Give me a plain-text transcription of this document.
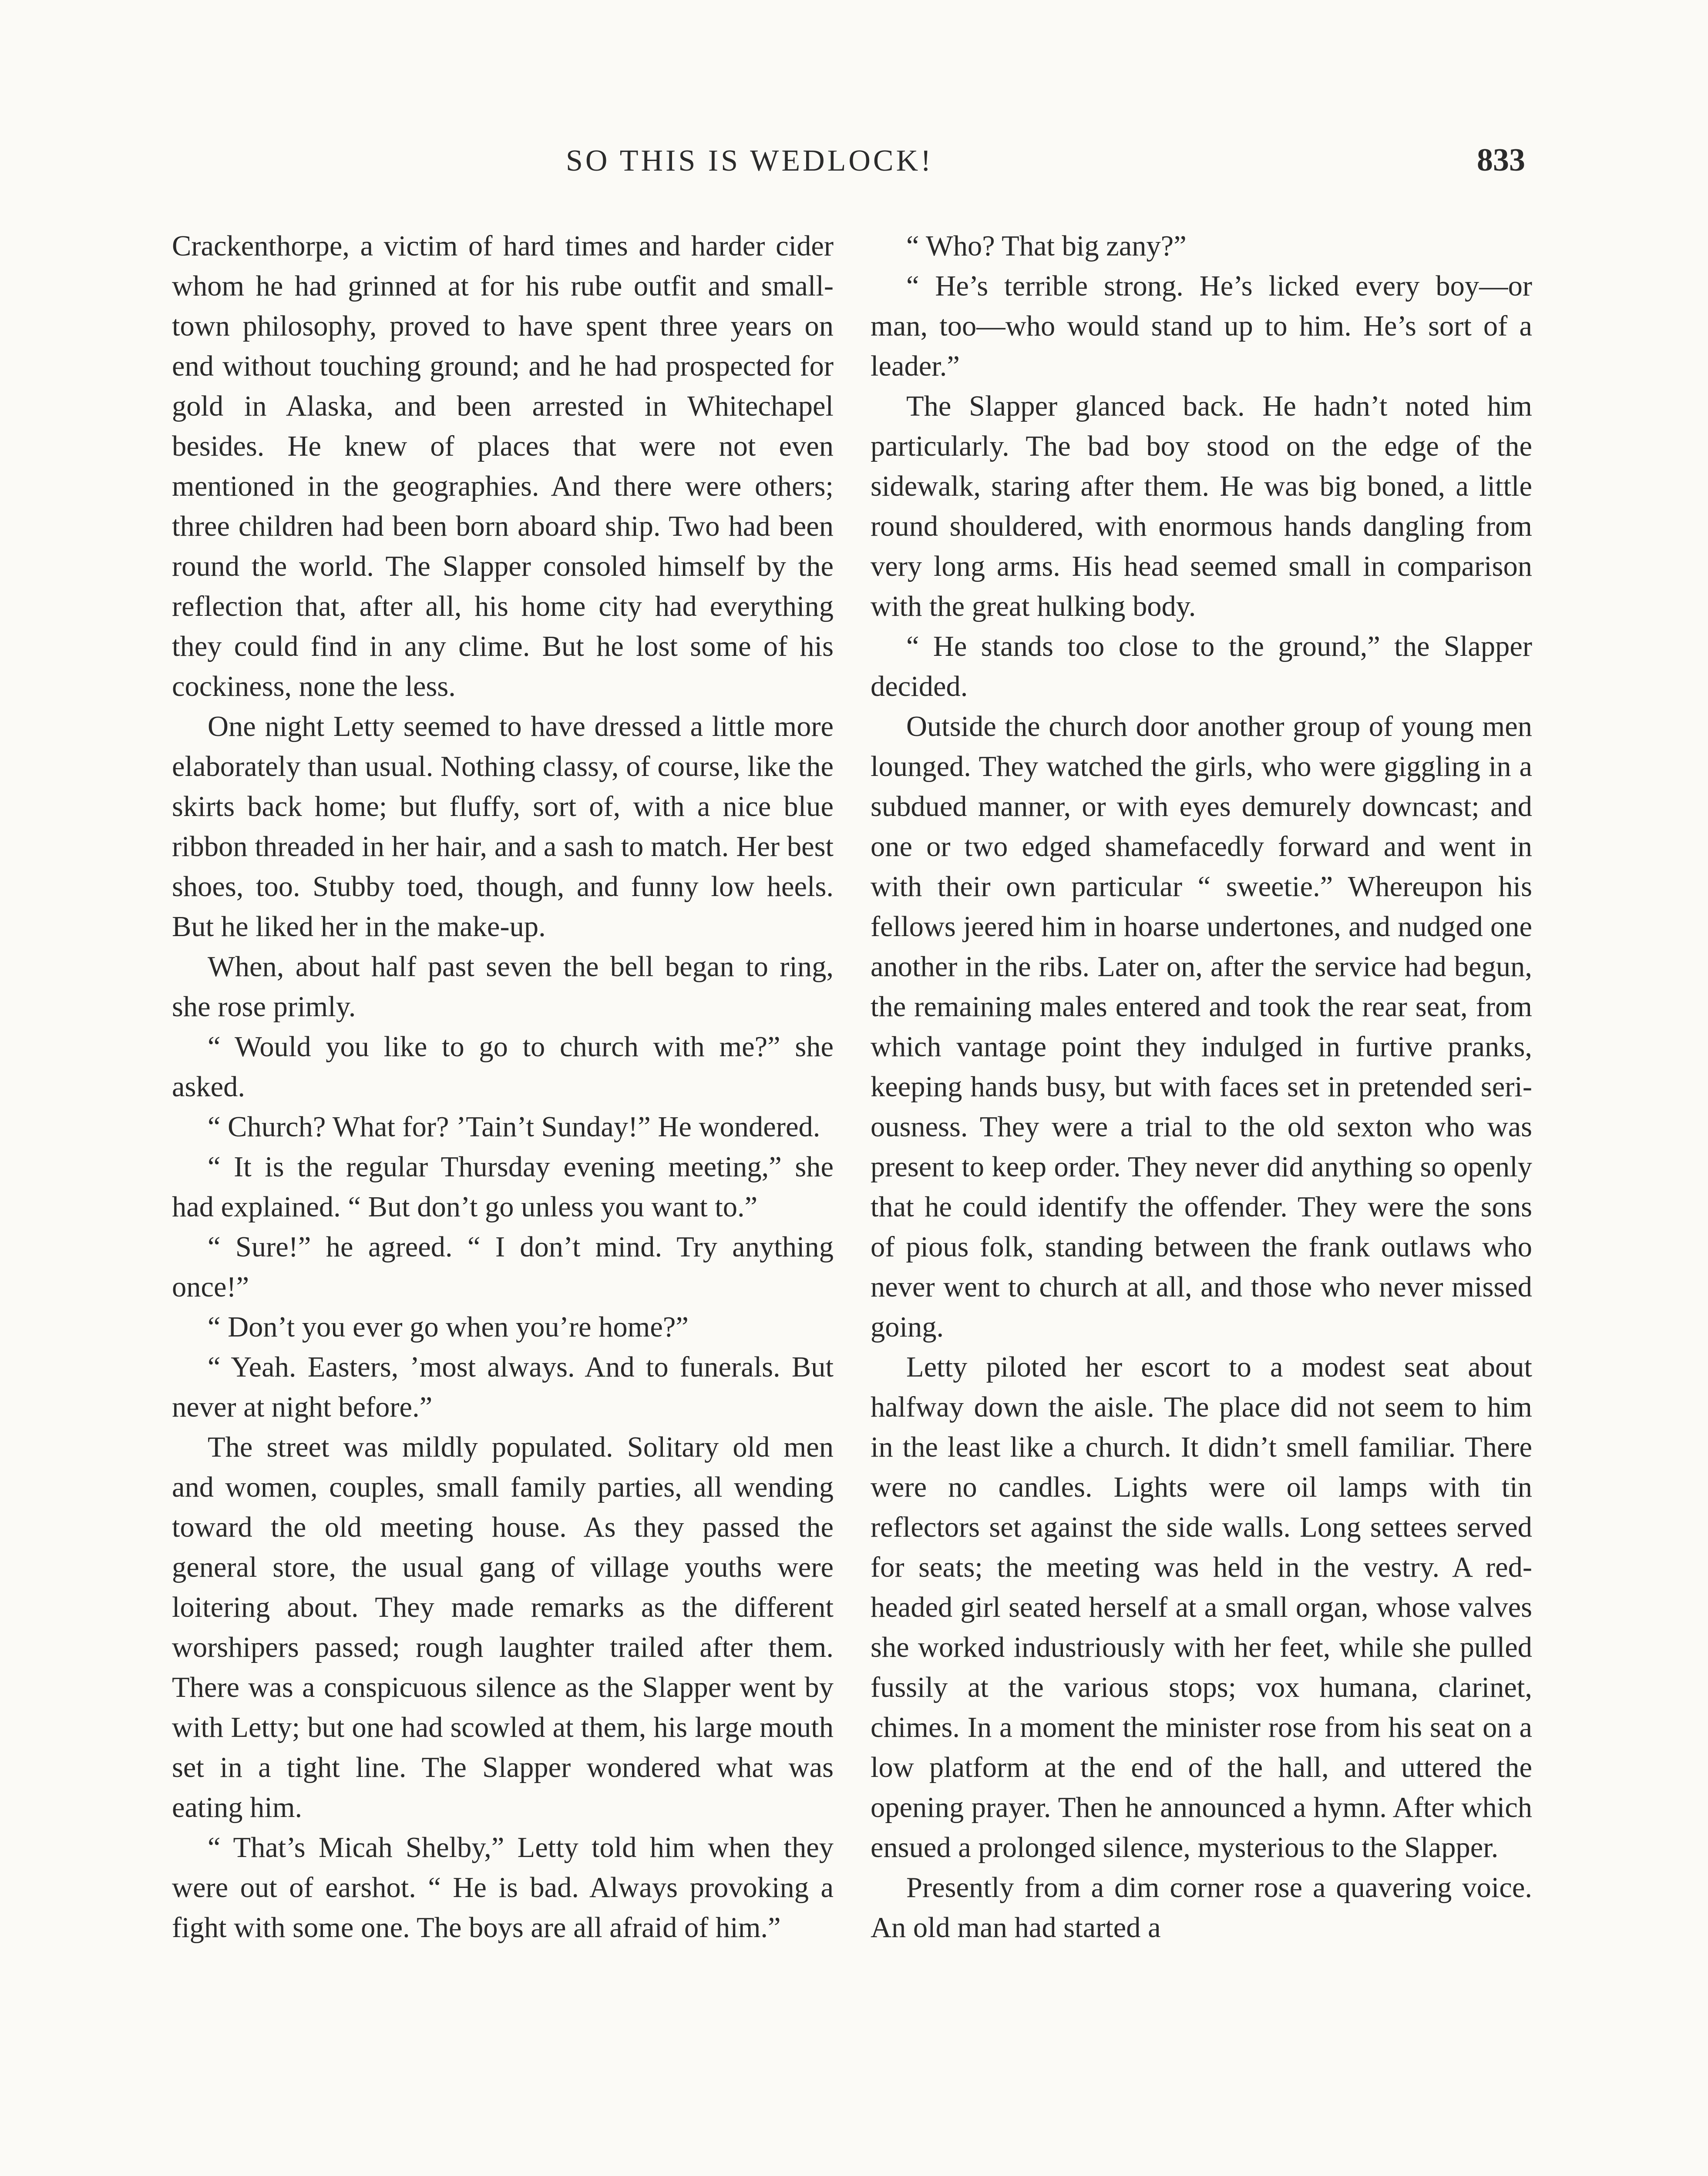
SO THIS IS WEDLOCK!	833

Crackenthorpe, a victim of hard times and harder cider whom he had grinned at for his rube outfit and small-town philosophy, proved to have spent three years on end without touching ground; and he had prospected for gold in Alaska, and been arrested in Whitechapel besides. He knew of places that were not even mentioned in the geographies. And there were others; three children had been born aboard ship. Two had been round the world. The Slapper consoled himself by the reflection that, after all, his home city had everything they could find in any clime. But he lost some of his cockiness, none the less.

One night Letty seemed to have dressed a little more elaborately than usual. Nothing classy, of course, like the skirts back home; but fluffy, sort of, with a nice blue ribbon threaded in her hair, and a sash to match. Her best shoes, too. Stubby toed, though, and funny low heels. But he liked her in the make-up.

When, about half past seven the bell began to ring, she rose primly.

“ Would you like to go to church with me?” she asked.

“ Church? What for? ’Tain’t Sunday!” He wondered.

“ It is the regular Thursday evening meeting,” she had explained. “ But don’t go unless you want to.”

“ Sure!” he agreed. “ I don’t mind. Try anything once!”

“ Don’t you ever go when you’re home?”

“ Yeah. Easters, ’most always. And to funerals. But never at night before.”

The street was mildly populated. Solitary old men and women, couples, small family parties, all wending toward the old meeting house. As they passed the general store, the usual gang of village youths were loitering about. They made remarks as the different worshipers passed; rough laughter trailed after them. There was a conspicuous silence as the Slapper went by with Letty; but one had scowled at them, his large mouth set in a tight line. The Slapper wondered what was eating him.

“ That’s Micah Shelby,” Letty told him when they were out of earshot. “ He is bad. Always provoking a fight with some one. The boys are all afraid of him.”

“ Who? That big zany?”

“ He’s terrible strong. He’s licked every boy—or man, too—who would stand up to him. He’s sort of a leader.”

The Slapper glanced back. He hadn’t noted him particularly. The bad boy stood on the edge of the sidewalk, staring after them. He was big boned, a little round shouldered, with enormous hands dangling from very long arms. His head seemed small in comparison with the great hulking body.

“ He stands too close to the ground,” the Slapper decided.

Outside the church door another group of young men lounged. They watched the girls, who were giggling in a subdued manner, or with eyes demurely downcast; and one or two edged shamefacedly forward and went in with their own particular “ sweetie.” Whereupon his fellows jeered him in hoarse undertones, and nudged one another in the ribs. Later on, after the service had begun, the remaining males entered and took the rear seat, from which vantage point they indulged in furtive pranks, keeping hands busy, but with faces set in pretended seriousness. They were a trial to the old sexton who was present to keep order. They never did anything so openly that he could identify the offender. They were the sons of pious folk, standing between the frank outlaws who never went to church at all, and those who never missed going.

Letty piloted her escort to a modest seat about halfway down the aisle. The place did not seem to him in the least like a church. It didn’t smell familiar. There were no candles. Lights were oil lamps with tin reflectors set against the side walls. Long settees served for seats; the meeting was held in the vestry. A red-headed girl seated herself at a small organ, whose valves she worked industriously with her feet, while she pulled fussily at the various stops; vox humana, clarinet, chimes. In a moment the minister rose from his seat on a low platform at the end of the hall, and uttered the opening prayer. Then he announced a hymn. After which ensued a prolonged silence, mysterious to the Slapper.

Presently from a dim corner rose a quavering voice. An old man had started a
